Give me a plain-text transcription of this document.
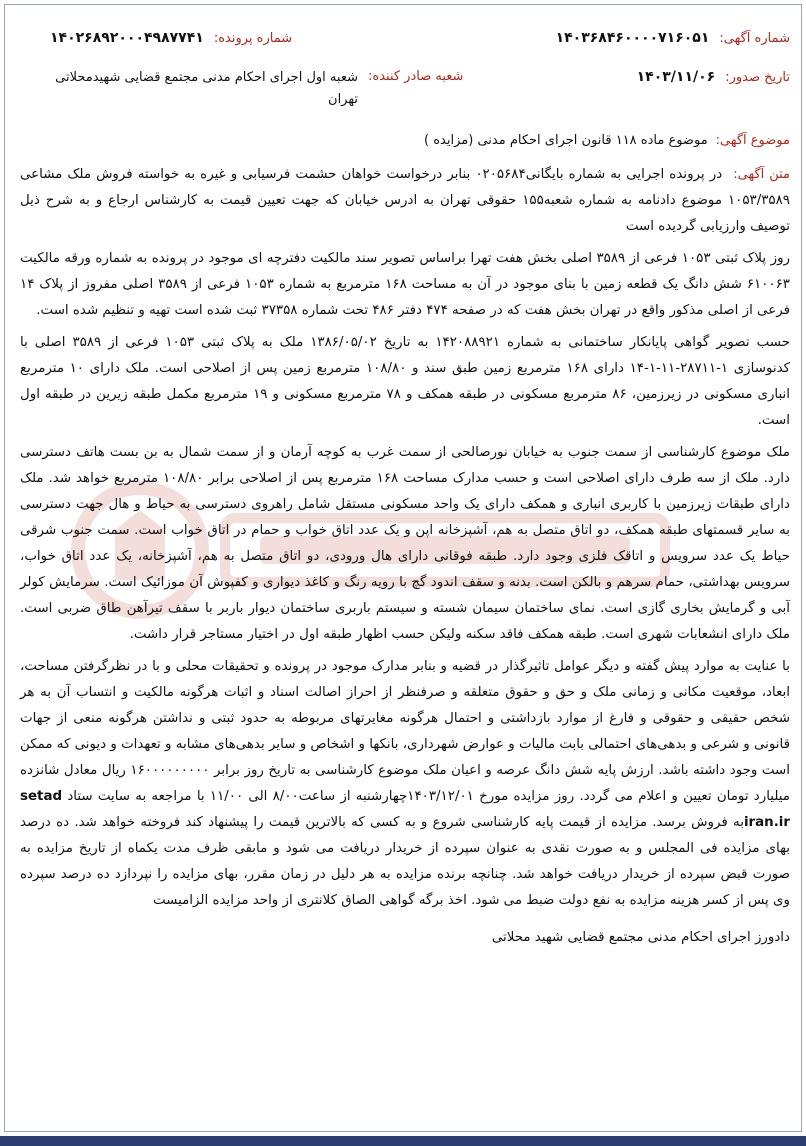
شماره آگهی:
۱۴۰۳۶۸۴۶۰۰۰۰۷۱۶۰۵۱
شماره پرونده:
۱۴۰۲۶۸۹۲۰۰۰۴۹۸۷۷۴۱
تاریخ صدور:
۱۴۰۳/۱۱/۰۶
شعبه صادر کننده:
شعبه اول اجرای احکام مدنی مجتمع قضایی شهیدمحلاتی تهران
موضوع آگهی:
موضوع ماده ۱۱۸ قانون اجرای احکام مدنی (مزایده )

متن آگهی: در پرونده اجرایی به شماره بایگانی۰۲۰۵۶۸۴ بنابر درخواست خواهان حشمت فرسیابی و غیره به خواسته فروش ملک مشاعی ۱۰۵۳/۳۵۸۹ موضوع دادنامه به شماره شعبه۱۵۵ حقوقی تهران به ادرس خیابان که جهت تعیین قیمت به کارشناس ارجاع و به شرح ذیل توصیف وارزیابی گردیده است

روز پلاک ثبتی ۱۰۵۳ فرعی از ۳۵۸۹ اصلی بخش هفت تهرا براساس تصویر سند مالکیت دفترچه ای موجود در پرونده به شماره ورقه مالکیت ۶۱۰۰۶۳ شش دانگ یک قطعه زمین با بنای موجود در آن به مساحت ۱۶۸ مترمربع به شماره ۱۰۵۳ فرعی از ۳۵۸۹ اصلی مفروز از پلاک ۱۴ فرعی از اصلی مذکور واقع در تهران بخش هفت که در صفحه ۴۷۴ دفتر ۴۸۶ تحت شماره ۳۷۳۵۸ ثبت شده است تهیه و تنظیم شده است.

حسب تصویر گواهی پایانکار ساختمانی به شماره ۱۴۲۰۸۸۹۲۱ به تاریخ ۱۳۸۶/۰۵/۰۲ ملک به پلاک ثبتی ۱۰۵۳ فرعی از ۳۵۸۹ اصلی با کدنوسازی ۱-۲۸۷۱۱-۱۱-۱-۱۴ دارای ۱۶۸ مترمربع زمین طبق سند و ۱۰۸/۸۰ مترمربع زمین پس از اصلاحی است. ملک دارای ۱۰ مترمربع انباری مسکونی در زیرزمین، ۸۶ مترمربع مسکونی در طبقه همکف و ۷۸ مترمربع مسکونی و ۱۹ مترمربع مکمل طبقه زیرین در طبقه اول است.

ملک موضوع کارشناسی از سمت جنوب به خیابان نورصالحی از سمت غرب به کوچه آرمان و از سمت شمال به بن بست هاتف دسترسی دارد. ملک از سه طرف دارای اصلاحی است و حسب مدارک مساحت ۱۶۸ مترمربع پس از اصلاحی برابر ۱۰۸/۸۰ مترمربع خواهد شد. ملک دارای طبقات زیرزمین با کاربری انباری و همکف دارای یک واحد مسکونی مستقل شامل راهروی دسترسی به حیاط و هال جهت دسترسی به سایر قسمتهای طبقه همکف، دو اتاق متصل به هم، آشپزخانه اپن و یک عدد اتاق خواب و حمام در اتاق خواب است. سمت جنوب شرقی حیاط یک عدد سرویس و اتاقک فلزی وجود دارد. طبقه فوقانی دارای هال ورودی، دو اتاق متصل به هم، آشپزخانه، یک عدد اتاق خواب، سرویس بهداشتی، حمام سرهم و بالکن است. بدنه و سقف اندود گچ با رویه رنگ و کاغذ دیواری و کفپوش آن موزائیک است. سرمایش کولر آبی و گرمایش بخاری گازی است. نمای ساختمان سیمان شسته و سیستم باربری ساختمان دیوار باربر با سقف تیرآهن طاق ضربی است. ملک دارای انشعابات شهری است. طبقه همکف فاقد سکنه ولیکن حسب اظهار طبقه اول در اختیار مستاجر قرار داشت.

با عنایت به موارد پیش گفته و دیگر عوامل تاثیرگذار در قضیه و بنابر مدارک موجود در پرونده و تحقیقات محلی و با در نظرگرفتن مساحت، ابعاد، موقعیت مکانی و زمانی ملک و حق و حقوق متعلقه و صرفنظر از احراز اصالت اسناد و اثبات هرگونه مالکیت و انتساب آن به هر شخص حقیقی و حقوقی و فارغ از موارد بازداشتی و احتمال هرگونه مغایرتهای مربوطه به حدود ثبتی و نداشتن هرگونه منعی از جهات قانونی و شرعی و بدهی‌های احتمالی بابت مالیات و عوارض شهرداری، بانکها و اشخاص و سایر بدهی‌های مشابه و تعهدات و دیونی که ممکن است وجود داشته باشد. ارزش پایه شش دانگ عرصه و اعیان ملک موضوع کارشناسی به تاریخ روز برابر ۱۶۰۰۰۰۰۰۰۰۰ ریال معادل شانزده میلیارد تومان تعیین و اعلام می گردد. روز مزایده مورخ ۱۴۰۳/۱۲/۰۱چهارشنبه از ساعت۸/۰۰ الی ۱۱/۰۰ با مراجعه به سایت ستاد setad iran.irبه فروش برسد. مزایده از قیمت پایه کارشناسی شروع و به کسی که بالاترین قیمت را پیشنهاد کند فروخته خواهد شد. ده درصد بهای مزایده فی المجلس و به صورت نقدی به عنوان سپرده از خریدار دریافت می شود و مابقی ظرف مدت یکماه از تاریخ مزایده به صورت قبض سپرده از خریدار دریافت خواهد شد. چنانچه برنده مزایده به هر دلیل در زمان مقرر، بهای مزایده را نپردازد ده درصد سپرده وی پس از کسر هزینه مزایده به نفع دولت ضبط می شود. اخذ برگه گواهی الصاق کلانتری از واحد مزایده الزامیست

دادورز اجرای احکام مدنی مجتمع قضایی شهید محلاتی
